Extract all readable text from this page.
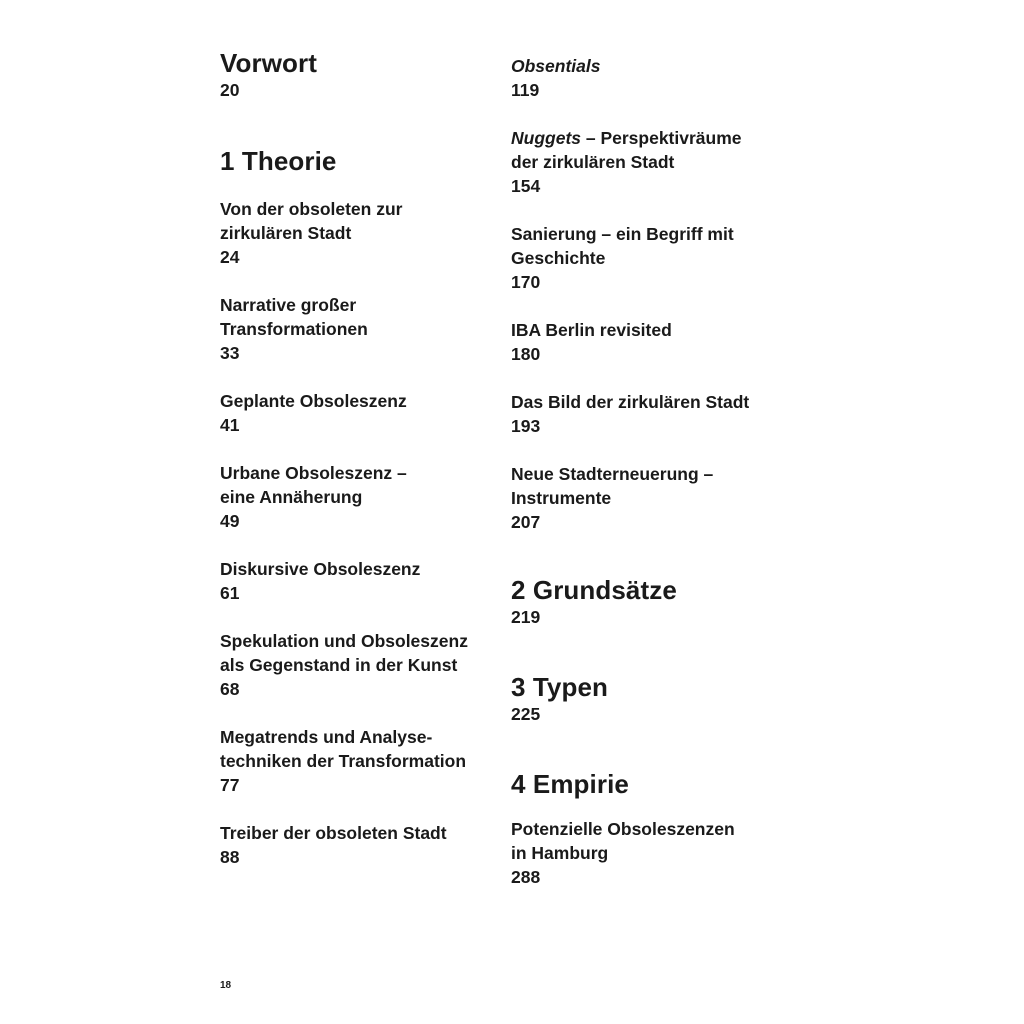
Vorwort

20

1 Theorie

Von der obsoleten zur
zirkulären Stadt
24
Narrative großer
Transformationen
33
Geplante Obsoleszenz
41
Urbane Obsoleszenz –
eine Annäherung
49
Diskursive Obsoleszenz
61
Spekulation und Obsoleszenz
als Gegenstand in der Kunst
68
Megatrends und Analyse-
techniken der Transformation
77
Treiber der obsoleten Stadt
88
Obsentials
119
Nuggets – Perspektivräume
der zirkulären Stadt
154
Sanierung – ein Begriff mit
Geschichte
170
IBA Berlin revisited
180
Das Bild der zirkulären Stadt
193
Neue Stadterneuerung –
Instrumente
207

2 Grundsätze

219

3 Typen

225

4 Empirie

Potenzielle Obsoleszenzen
in Hamburg
288
18
